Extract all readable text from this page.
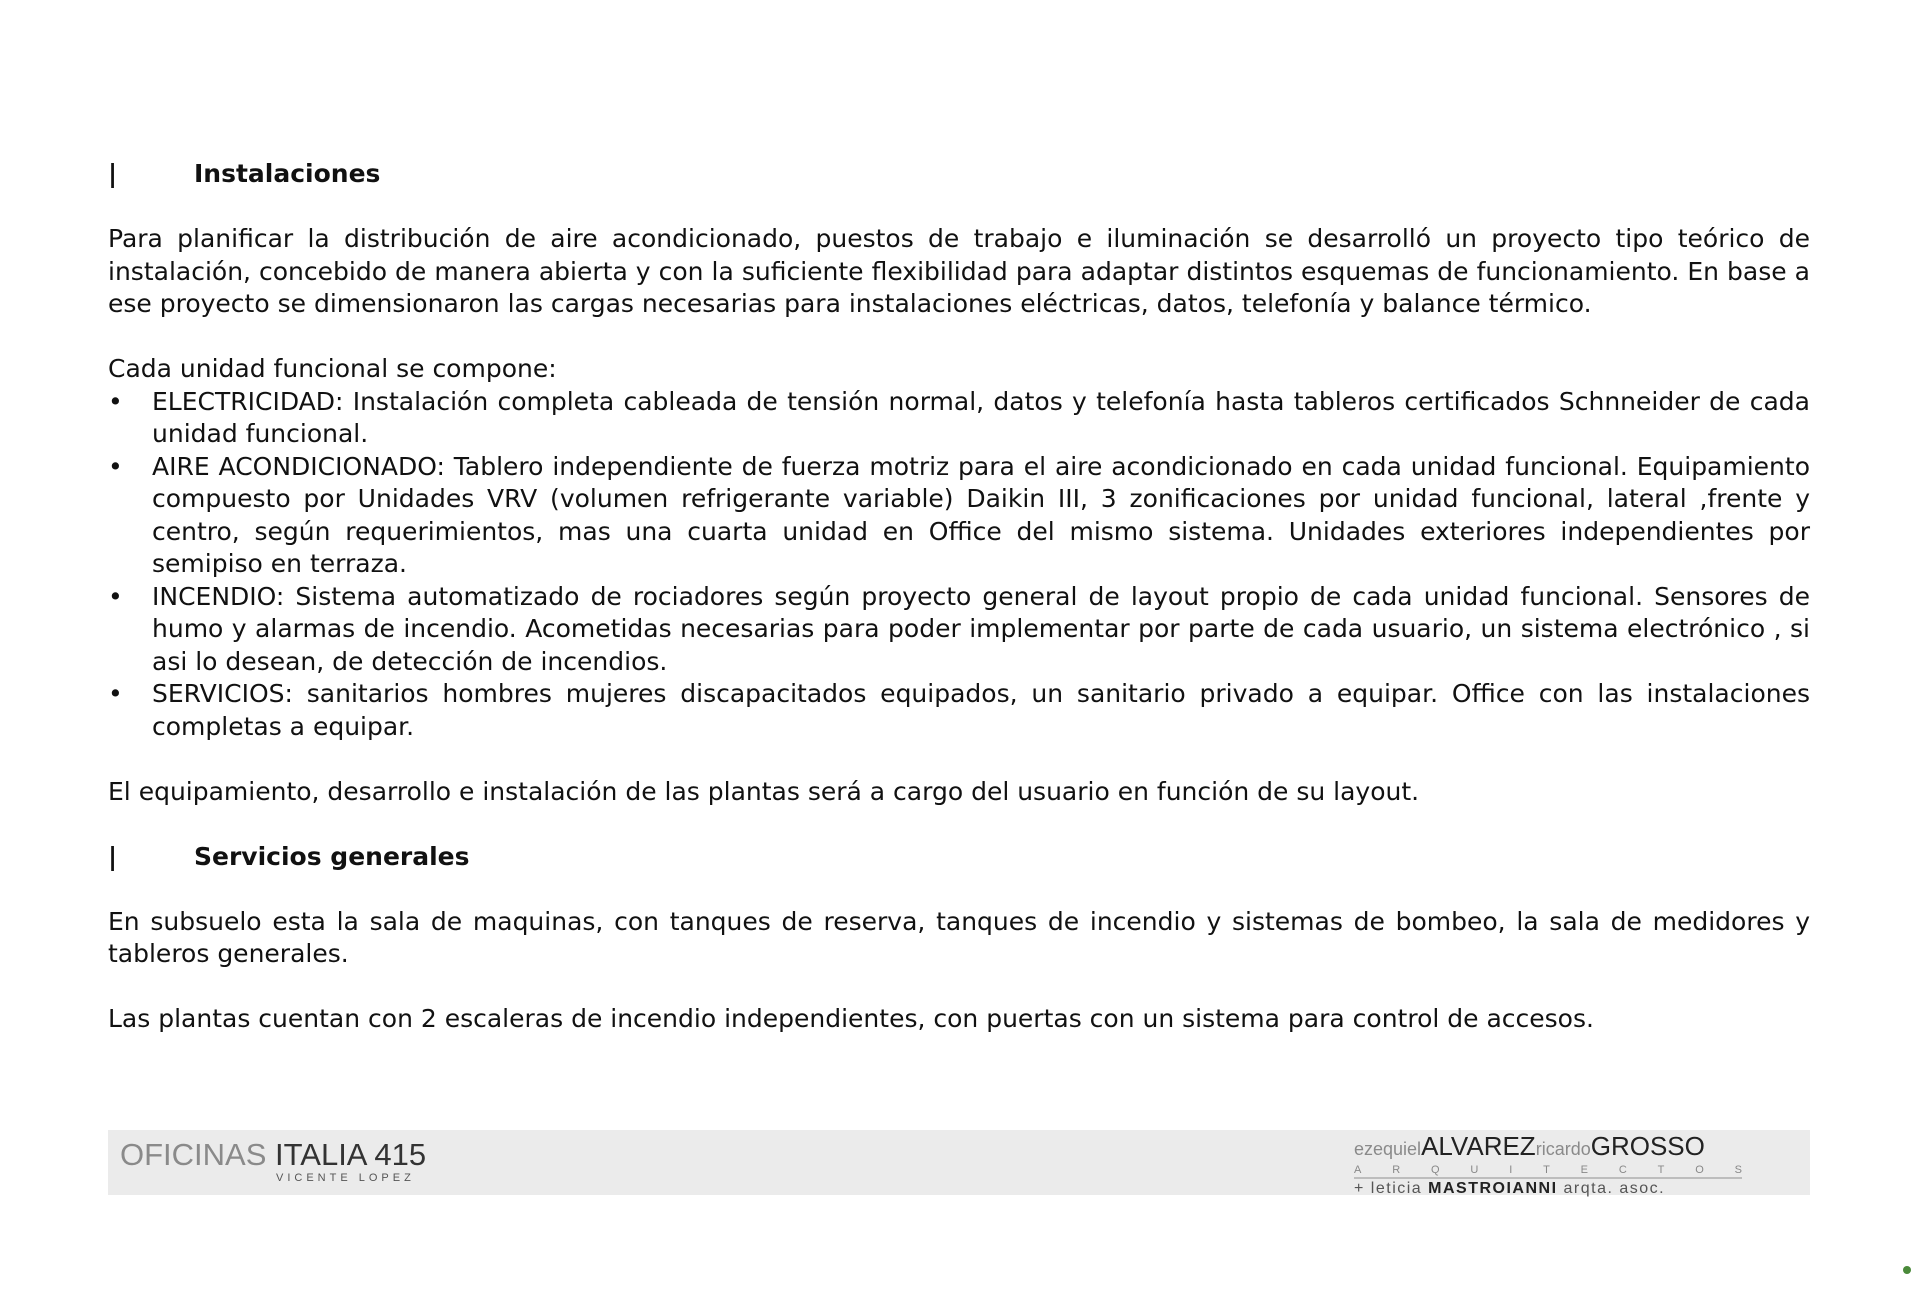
|	Instalaciones

Para planificar la distribución de aire acondicionado, puestos de trabajo e iluminación se desarrolló un proyecto tipo teórico de instalación, concebido de manera abierta y con la suficiente flexibilidad para adaptar distintos esquemas de funcionamiento. En base a ese proyecto se dimensionaron las cargas necesarias para instalaciones eléctricas, datos, telefonía y balance térmico.

Cada unidad funcional se compone:

• ELECTRICIDAD: Instalación completa cableada de tensión normal, datos y telefonía hasta tableros certificados Schnneider de cada unidad funcional.
• AIRE ACONDICIONADO: Tablero independiente de fuerza motriz para el aire acondicionado en cada unidad funcional. Equipamiento compuesto por Unidades VRV (volumen refrigerante variable) Daikin III, 3 zonificaciones por unidad funcional, lateral ,frente y centro, según requerimientos, mas una cuarta unidad en Office del mismo sistema. Unidades exteriores independientes por semipiso en terraza.
• INCENDIO: Sistema automatizado de rociadores según proyecto general de layout propio de cada unidad funcional. Sensores de humo y alarmas de incendio. Acometidas necesarias para poder implementar por parte de cada usuario, un sistema electrónico , si asi lo desean, de detección de incendios.
• SERVICIOS: sanitarios hombres mujeres discapacitados equipados, un sanitario privado a equipar. Office con las instalaciones completas a equipar.

El equipamiento, desarrollo e instalación de las plantas será a cargo del usuario en función de su layout.

|	Servicios generales

En subsuelo esta la sala de maquinas, con tanques de reserva, tanques de incendio y sistemas de bombeo, la sala de medidores y tableros generales.

Las plantas cuentan con 2 escaleras de incendio independientes, con puertas con un sistema para control de accesos.

OFICINAS ITALIA 415
VICENTE LOPEZ
ezequielALVAREZricardoGROSSO
A	R	Q	U	I	T	E	C	T	O	S
+ leticia MASTROIANNI arqta. asoc.
